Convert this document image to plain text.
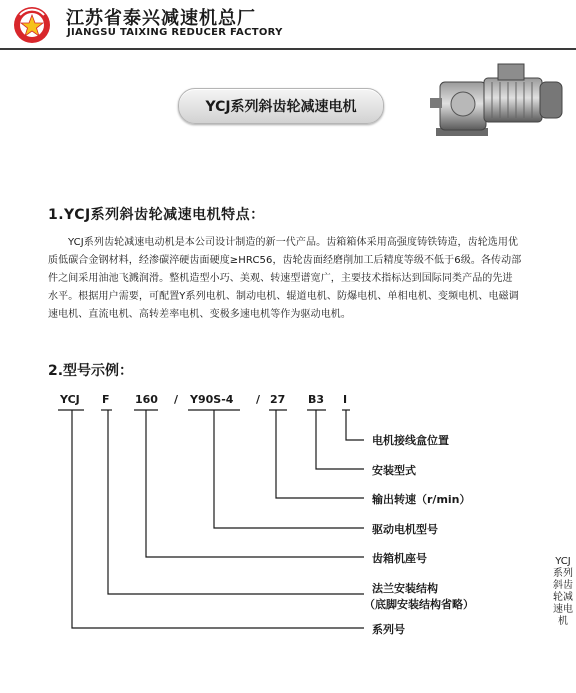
江苏省泰兴减速机总厂
JIANGSU TAIXING REDUCER FACTORY
YCJ系列斜齿轮减速电机
1.YCJ系列斜齿轮减速电机特点：
YCJ系列齿轮减速电动机是本公司设计制造的新一代产品。齿箱箱体采用高强度铸铁铸造，齿轮选用优质低碳合金钢材料，经渗碳淬硬齿面硬度≥HRC56，齿轮齿面经磨削加工后精度等级不低于6级。各传动部件之间采用油池飞溅润滑。整机造型小巧、美观、转速型谱宽广，主要技术指标达到国际同类产品的先进水平。根据用户需要，可配置Y系列电机、制动电机、辊道电机、防爆电机、单相电机、变频电机、电磁调速电机、直流电机、高转差率电机、变极多速电机等作为驱动电机。
2.型号示例：
YCJ F 160 / Y90S-4 / 27 B3 I
电机接线盒位置
安装型式
输出转速（r/min）
驱动电机型号
齿箱机座号
法兰安装结构
（底脚安装结构省略）
系列号
YCJ系列斜齿轮减速电机
